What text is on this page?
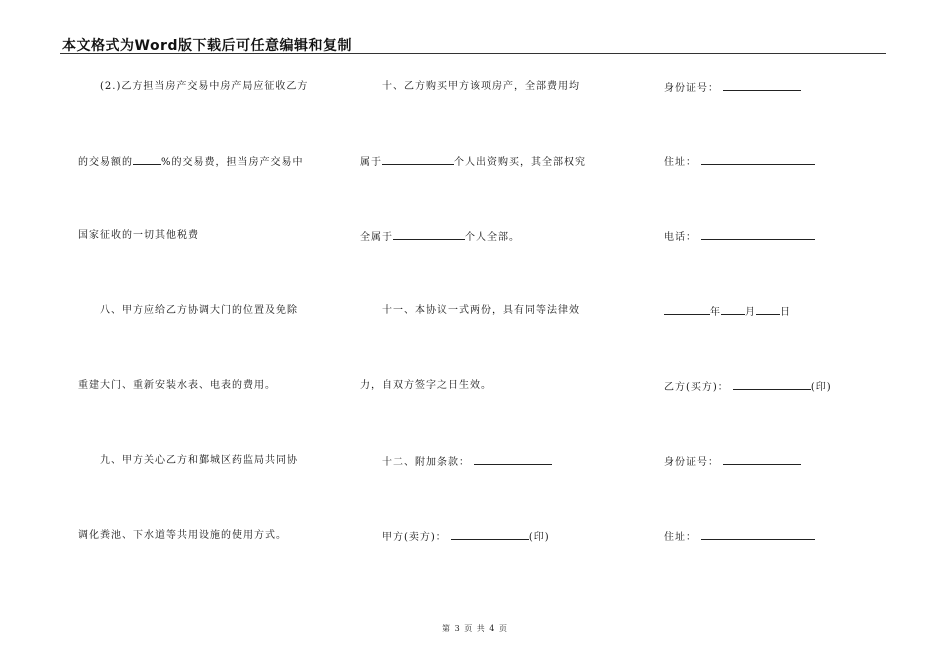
本文格式为Word版下载后可任意编辑和复制
(2.)乙方担当房产交易中房产局应征收乙方
的交易额的	%的交易费，担当房产交易中
国家征收的一切其他税费
八、甲方应给乙方协调大门的位置及免除
重建大门、重新安装水表、电表的费用。
九、甲方关心乙方和鄞城区药监局共同协
调化粪池、下水道等共用设施的使用方式。
十、乙方购买甲方该项房产，全部费用均
属于	个人出资购买，其全部权究
全属于	个人全部。
十一、本协议一式两份，具有同等法律效
力，自双方签字之日生效。
十二、附加条款：
甲方(卖方)：	(印)
身份证号：
住址：
电话：
年 月 日
乙方(买方)：	(印)
身份证号：
住址：
第 3 页 共 4 页
